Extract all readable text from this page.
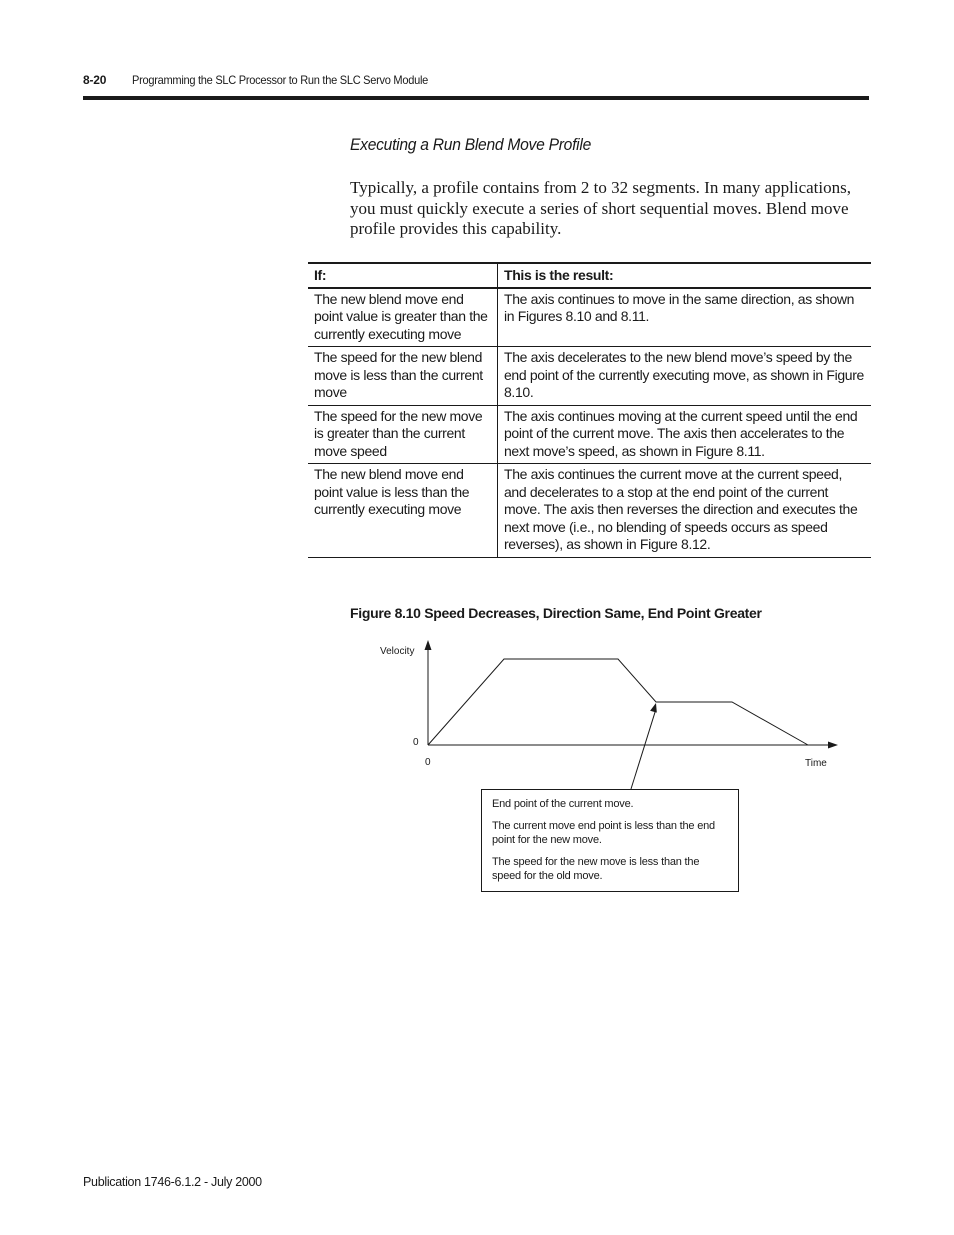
8-20 Programming the SLC Processor to Run the SLC Servo Module
Executing a Run Blend Move Profile
Typically, a profile contains from 2 to 32 segments. In many applications, you must quickly execute a series of short sequential moves. Blend move profile provides this capability.
If:	This is the result:
The new blend move end point value is greater than the currently executing move	The axis continues to move in the same direction, as shown in Figures 8.10 and 8.11.
The speed for the new blend move is less than the current move	The axis decelerates to the new blend move’s speed by the end point of the currently executing move, as shown in Figure 8.10.
The speed for the new move is greater than the current move speed	The axis continues moving at the current speed until the end point of the current move. The axis then accelerates to the next move’s speed, as shown in Figure 8.11.
The new blend move end point value is less than the currently executing move	The axis continues the current move at the current speed, and decelerates to a stop at the end point of the current move. The axis then reverses the direction and executes the next move (i.e., no blending of speeds occurs as speed reverses), as shown in Figure 8.12.
Figure 8.10 Speed Decreases, Direction Same, End Point Greater
Velocity
Time
0
0

End point of the current move.

The current move end point is less than the end point for the new move.

The speed for the new move is less than the speed for the old move.

Publication 1746-6.1.2 - July 2000
